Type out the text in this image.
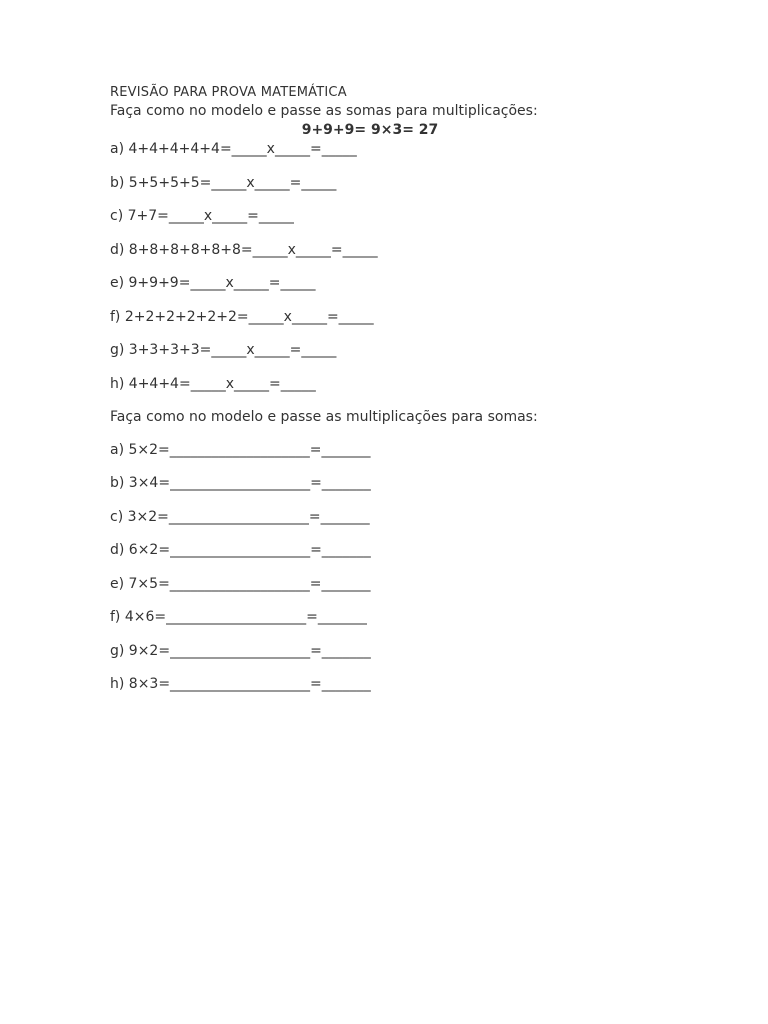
REVISÃO PARA PROVA MATEMÁTICA

Faça como no modelo e passe as somas para multiplicações:

9+9+9= 9×3= 27

a) 4+4+4+4+4=_____x_____=_____

b) 5+5+5+5=_____x_____=_____

c) 7+7=_____x_____=_____

d) 8+8+8+8+8+8=_____x_____=_____

e) 9+9+9=_____x_____=_____

f) 2+2+2+2+2+2=_____x_____=_____

g) 3+3+3+3=_____x_____=_____

h) 4+4+4=_____x_____=_____

Faça como no modelo e passe as multiplicações para somas:

a) 5×2=____________________=_______

b) 3×4=____________________=_______

c) 3×2=____________________=_______

d) 6×2=____________________=_______

e) 7×5=____________________=_______

f) 4×6=____________________=_______

g) 9×2=____________________=_______

h) 8×3=____________________=_______
